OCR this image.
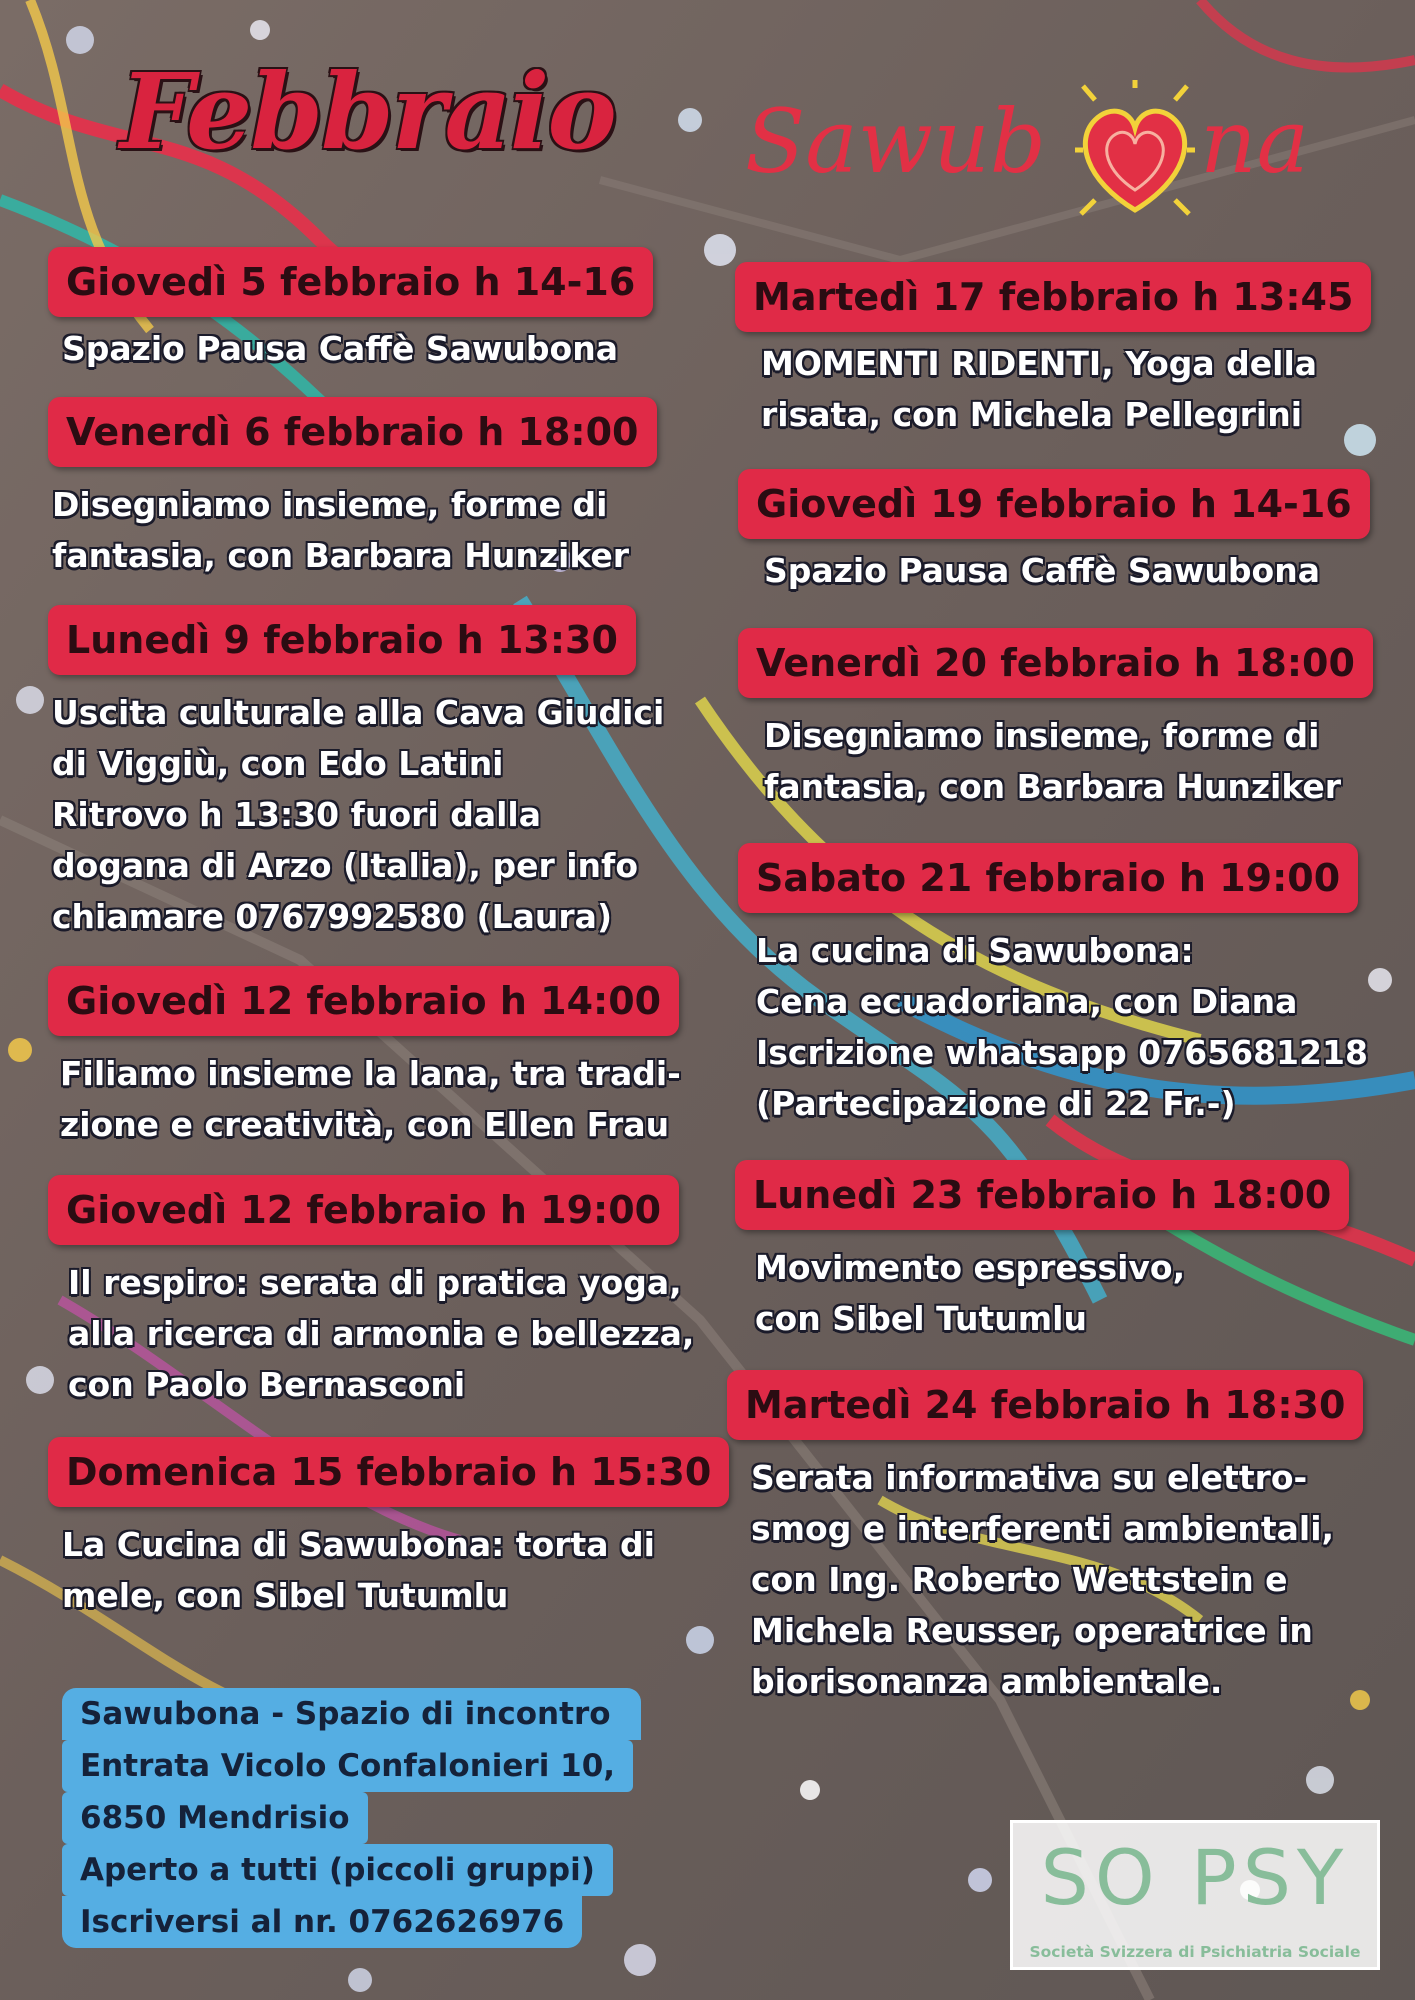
Febbraio Sawub na
Giovedì 5 febbraio h 14-16
Spazio Pausa Caffè Sawubona
Venerdì 6 febbraio h 18:00
Disegniamo insieme, forme di
fantasia, con Barbara Hunziker
Lunedì 9 febbraio h 13:30
Uscita culturale alla Cava Giudici
di Viggiù, con Edo Latini
Ritrovo h 13:30 fuori dalla
dogana di Arzo (Italia), per info
chiamare 0767992580 (Laura)
Giovedì 12 febbraio h 14:00
Filiamo insieme la lana, tra tradi-
zione e creatività, con Ellen Frau
Giovedì 12 febbraio h 19:00
Il respiro: serata di pratica yoga,
alla ricerca di armonia e bellezza,
con Paolo Bernasconi
Domenica 15 febbraio h 15:30
La Cucina di Sawubona: torta di
mele, con Sibel Tutumlu
Martedì 17 febbraio h 13:45
MOMENTI RIDENTI, Yoga della
risata, con Michela Pellegrini
Giovedì 19 febbraio h 14-16
Spazio Pausa Caffè Sawubona
Venerdì 20 febbraio h 18:00
Disegniamo insieme, forme di
fantasia, con Barbara Hunziker
Sabato 21 febbraio h 19:00
La cucina di Sawubona:
Cena ecuadoriana, con Diana
Iscrizione whatsapp 0765681218
(Partecipazione di 22 Fr.-)
Lunedì 23 febbraio h 18:00
Movimento espressivo,
con Sibel Tutumlu
Martedì 24 febbraio h 18:30
Serata informativa su elettro-
smog e interferenti ambientali,
con Ing. Roberto Wettstein e
Michela Reusser, operatrice in
biorisonanza ambientale.
Sawubona - Spazio di incontro
Entrata Vicolo Confalonieri 10,
6850 Mendrisio
Aperto a tutti (piccoli gruppi)
Iscriversi al nr. 0762626976	SO PSY
Società Svizzera di Psichiatria Sociale
